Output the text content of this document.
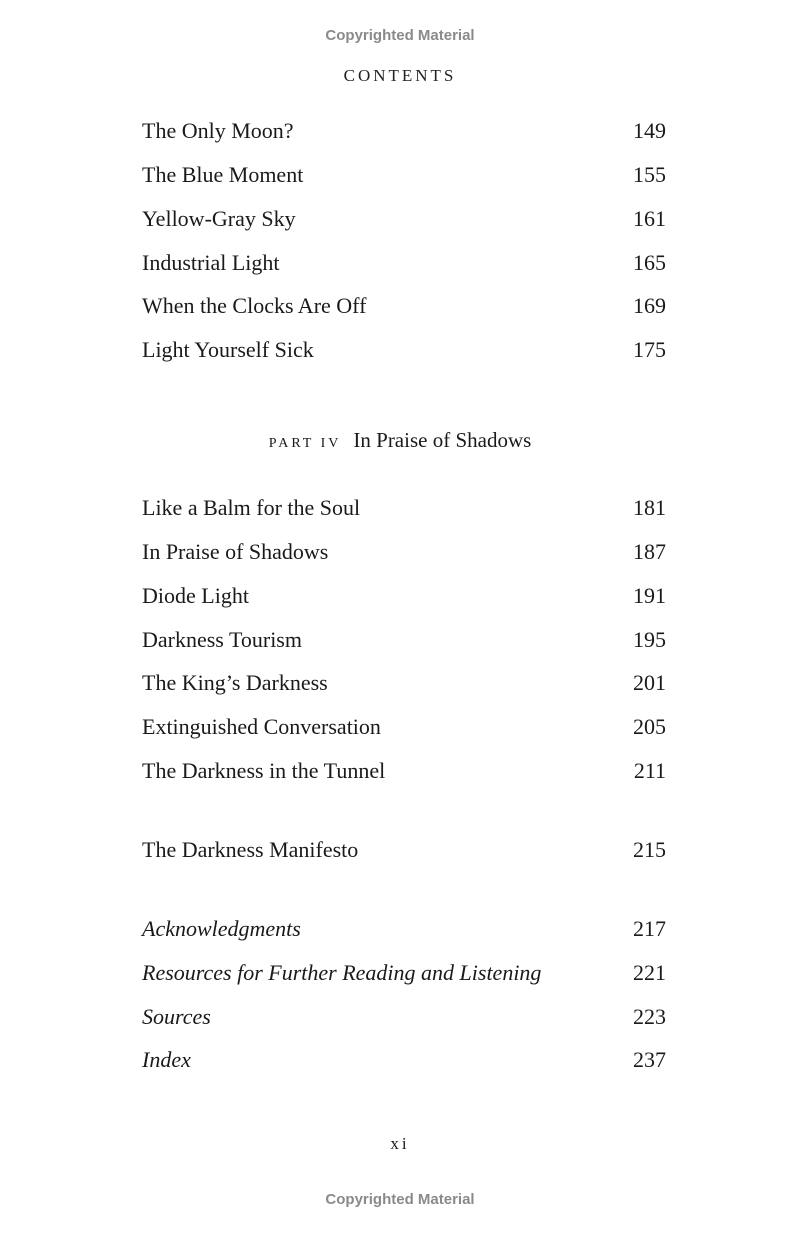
Copyrighted Material
CONTENTS
The Only Moon?	149
The Blue Moment	155
Yellow-Gray Sky	161
Industrial Light	165
When the Clocks Are Off	169
Light Yourself Sick	175
Like a Balm for the Soul	181
In Praise of Shadows	187
Diode Light	191
Darkness Tourism	195
The King’s Darkness	201
Extinguished Conversation	205
The Darkness in the Tunnel	211
The Darkness Manifesto	215
Acknowledgments	217
Resources for Further Reading and Listening	221
Sources	223
Index	237
PART IV In Praise of Shadows
xi
Copyrighted Material
